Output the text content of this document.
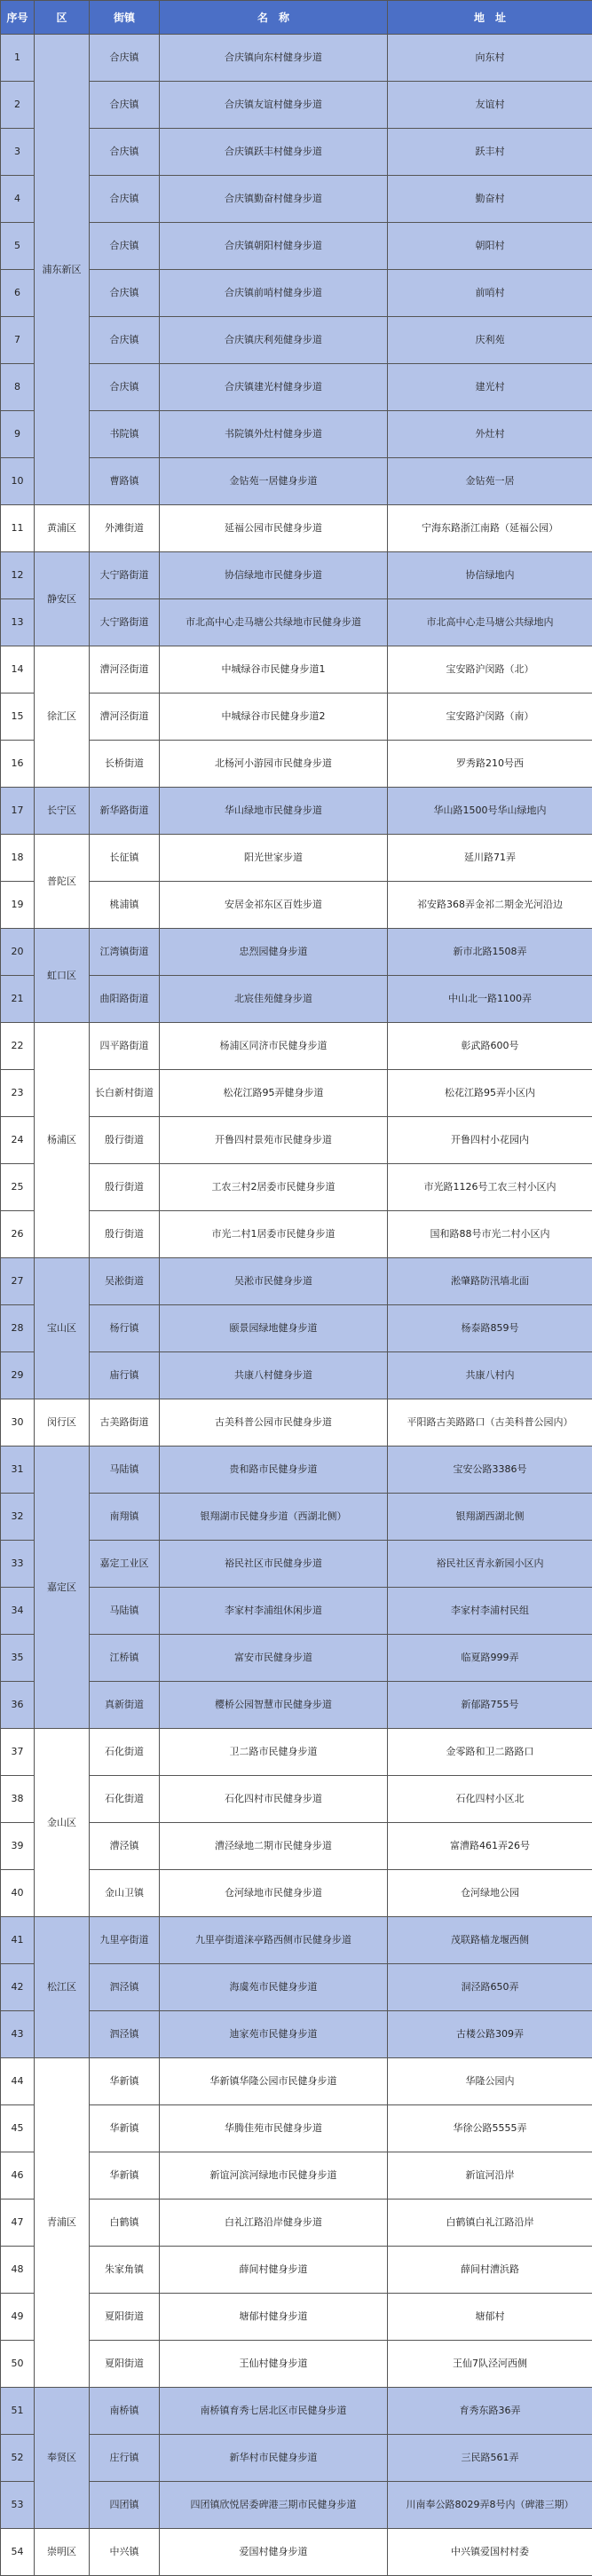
序号	区	街镇	名　称	地　址
1	浦东新区	合庆镇	合庆镇向东村健身步道	向东村
2		合庆镇	合庆镇友谊村健身步道	友谊村
3		合庆镇	合庆镇跃丰村健身步道	跃丰村
4		合庆镇	合庆镇勤奋村健身步道	勤奋村
5		合庆镇	合庆镇朝阳村健身步道	朝阳村
6		合庆镇	合庆镇前哨村健身步道	前哨村
7		合庆镇	合庆镇庆利苑健身步道	庆利苑
8		合庆镇	合庆镇建光村健身步道	建光村
9		书院镇	书院镇外灶村健身步道	外灶村
10		曹路镇	金钻苑一居健身步道	金钻苑一居
11	黄浦区	外滩街道	延福公园市民健身步道	宁海东路浙江南路（延福公园）
12	静安区	大宁路街道	协信绿地市民健身步道	协信绿地内
13		大宁路街道	市北高中心走马塘公共绿地市民健身步道	市北高中心走马塘公共绿地内
14	徐汇区	漕河泾街道	中城绿谷市民健身步道1	宝安路沪闵路（北）
15		漕河泾街道	中城绿谷市民健身步道2	宝安路沪闵路（南）
16		长桥街道	北杨河小游园市民健身步道	罗秀路210号西
17	长宁区	新华路街道	华山绿地市民健身步道	华山路1500号华山绿地内
18	普陀区	长征镇	阳光世家步道	延川路71弄
19		桃浦镇	安居金祁东区百姓步道	祁安路368弄金祁二期金光河沿边
20	虹口区	江湾镇街道	忠烈园健身步道	新市北路1508弄
21		曲阳路街道	北宸佳苑健身步道	中山北一路1100弄
22	杨浦区	四平路街道	杨浦区同济市民健身步道	彰武路600号
23		长白新村街道	松花江路95弄健身步道	松花江路95弄小区内
24		殷行街道	开鲁四村景苑市民健身步道	开鲁四村小花园内
25		殷行街道	工农三村2居委市民健身步道	市光路1126号工农三村小区内
26		殷行街道	市光二村1居委市民健身步道	国和路88号市光二村小区内
27	宝山区	吴淞街道	吴淞市民健身步道	淞肇路防汛墙北面
28		杨行镇	颐景园绿地健身步道	杨泰路859号
29		庙行镇	共康八村健身步道	共康八村内
30	闵行区	古美路街道	古美科普公园市民健身步道	平阳路古美路路口（古美科普公园内）
31	嘉定区	马陆镇	贵和路市民健身步道	宝安公路3386号
32		南翔镇	银翔湖市民健身步道（西湖北侧）	银翔湖西湖北侧
33		嘉定工业区	裕民社区市民健身步道	裕民社区青永新园小区内
34		马陆镇	李家村李浦组休闲步道	李家村李浦村民组
35		江桥镇	富安市民健身步道	临夏路999弄
36		真新街道	樱桥公园智慧市民健身步道	新郁路755号
37	金山区	石化街道	卫二路市民健身步道	金零路和卫二路路口
38		石化街道	石化四村市民健身步道	石化四村小区北
39		漕泾镇	漕泾绿地二期市民健身步道	富漕路461弄26号
40		金山卫镇	仓河绿地市民健身步道	仓河绿地公园
41	松江区	九里亭街道	九里亭街道涞亭路西侧市民健身步道	茂联路樯龙堰西侧
42		泗泾镇	海虞苑市民健身步道	洞泾路650弄
43		泗泾镇	迪家苑市民健身步道	古楼公路309弄
44	青浦区	华新镇	华新镇华隆公园市民健身步道	华隆公园内
45		华新镇	华腾佳苑市民健身步道	华徐公路5555弄
46		华新镇	新谊河滨河绿地市民健身步道	新谊河沿岸
47		白鹤镇	白礼江路沿岸健身步道	白鹤镇白礼江路沿岸
48		朱家角镇	薛间村健身步道	薛间村漕浜路
49		夏阳街道	塘郁村健身步道	塘郁村
50		夏阳街道	王仙村健身步道	王仙7队泾河西侧
51	奉贤区	南桥镇	南桥镇育秀七居北区市民健身步道	育秀东路36弄
52		庄行镇	新华村市民健身步道	三民路561弄
53		四团镇	四团镇欣悦居委碑港三期市民健身步道	川南奉公路8029弄8号内（碑港三期）
54	崇明区	中兴镇	爱国村健身步道	中兴镇爱国村村委
